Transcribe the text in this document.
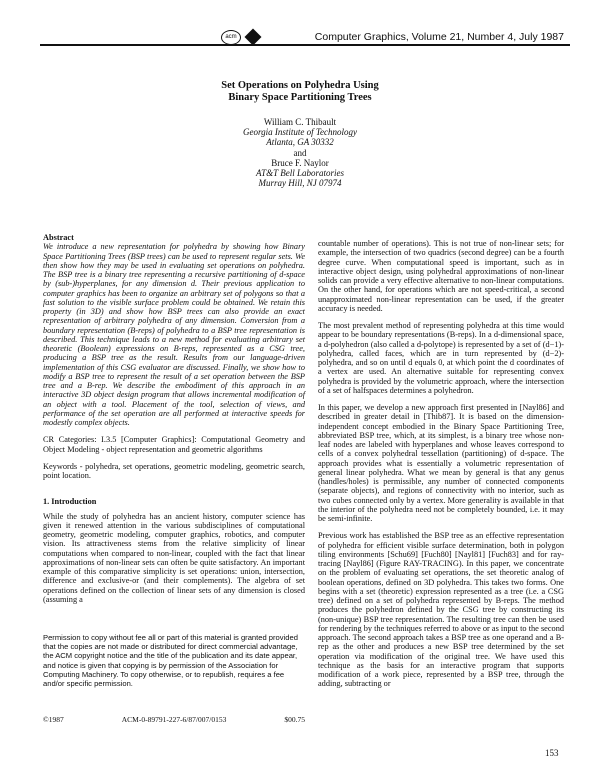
acm	Computer Graphics, Volume 21, Number 4, July 1987
Set Operations on Polyhedra Using
Binary Space Partitioning Trees
William C. Thibault
Georgia Institute of Technology
Atlanta, GA 30332
and
Bruce F. Naylor
AT&T Bell Laboratories
Murray Hill, NJ 07974
Abstract

We introduce a new representation for polyhedra by showing how Binary Space Partitioning Trees (BSP trees) can be used to represent regular sets. We then show how they may be used in evaluating set operations on polyhedra. The BSP tree is a binary tree representing a recursive partitioning of d-space by (sub-)hyperplanes, for any dimension d. Their previous application to computer graphics has been to organize an arbitrary set of polygons so that a fast solution to the visible surface problem could be obtained. We retain this property (in 3D) and show how BSP trees can also provide an exact representation of arbitrary polyhedra of any dimension. Conversion from a boundary representation (B-reps) of polyhedra to a BSP tree representation is described. This technique leads to a new method for evaluating arbitrary set theoretic (Boolean) expressions on B-reps, represented as a CSG tree, producing a BSP tree as the result. Results from our language-driven implementation of this CSG evaluator are discussed. Finally, we show how to modify a BSP tree to represent the result of a set operation between the BSP tree and a B-rep. We describe the embodiment of this approach in an interactive 3D object design program that allows incremental modification of an object with a tool. Placement of the tool, selection of views, and performance of the set operation are all performed at interactive speeds for modestly complex objects.

CR Categories: I.3.5 [Computer Graphics]: Computational Geometry and Object Modeling - object representation and geometric algorithms

Keywords - polyhedra, set operations, geometric modeling, geometric search, point location.

1. Introduction

While the study of polyhedra has an ancient history, computer science has given it renewed attention in the various subdisciplines of computational geometry, geometric modeling, computer graphics, robotics, and computer vision. Its attractiveness stems from the relative simplicity of linear computations when compared to non-linear, coupled with the fact that linear approximations of non-linear sets can often be quite satisfactory. An important example of this comparative simplicity is set operations: union, intersection, difference and exclusive-or (and their complements). The algebra of set operations defined on the collection of linear sets of any dimension is closed (assuming a

Permission to copy without fee all or part of this material is granted provided that the copies are not made or distributed for direct commercial advantage, the ACM copyright notice and the title of the publication and its date appear, and notice is given that copying is by permission of the Association for Computing Machinery. To copy otherwise, or to republish, requires a fee and/or specific permission.
©1987	ACM-0-89791-227-6/87/007/0153	$00.75

countable number of operations). This is not true of non-linear sets; for example, the intersection of two quadrics (second degree) can be a fourth degree curve. When computational speed is important, such as in interactive object design, using polyhedral approximations of non-linear solids can provide a very effective alternative to non-linear computations. On the other hand, for operations which are not speed-critical, a second unapproximated non-linear representation can be used, if the greater accuracy is needed.

The most prevalent method of representing polyhedra at this time would appear to be boundary representations (B-reps). In a d-dimensional space, a d-polyhedron (also called a d-polytope) is represented by a set of (d−1)-polyhedra, called faces, which are in turn represented by (d−2)-polyhedra, and so on until d equals 0, at which point the d coordinates of a vertex are used. An alternative suitable for representing convex polyhedra is provided by the volumetric approach, where the intersection of a set of halfspaces determines a polyhedron.

In this paper, we develop a new approach first presented in [Nayl86] and described in greater detail in [Thib87]. It is based on the dimension-independent concept embodied in the Binary Space Partitioning Tree, abbreviated BSP tree, which, at its simplest, is a binary tree whose non-leaf nodes are labeled with hyperplanes and whose leaves correspond to cells of a convex polyhedral tessellation (partitioning) of d-space. The approach provides what is essentially a volumetric representation of general linear polyhedra. What we mean by general is that any genus (handles/holes) is permissible, any number of connected components (separate objects), and regions of connectivity with no interior, such as two cubes connected only by a vertex. More generality is available in that the interior of the polyhedra need not be completely bounded, i.e. it may be semi-infinite.

Previous work has established the BSP tree as an effective representation of polyhedra for efficient visible surface determination, both in polygon tiling environments [Schu69] [Fuch80] [Nayl81] [Fuch83] and for ray-tracing [Nayl86] (Figure RAY-TRACING). In this paper, we concentrate on the problem of evaluating set operations, the set theoretic analog of boolean operations, defined on 3D polyhedra. This takes two forms. One begins with a set (theoretic) expression represented as a tree (i.e. a CSG tree) defined on a set of polyhedra represented by B-reps. The method produces the polyhedron defined by the CSG tree by constructing its (non-unique) BSP tree representation. The resulting tree can then be used for rendering by the techniques referred to above or as input to the second approach. The second approach takes a BSP tree as one operand and a B-rep as the other and produces a new BSP tree determined by the set operation via modification of the original tree. We have used this technique as the basis for an interactive program that supports modification of a work piece, represented by a BSP tree, through the adding, subtracting or

153
